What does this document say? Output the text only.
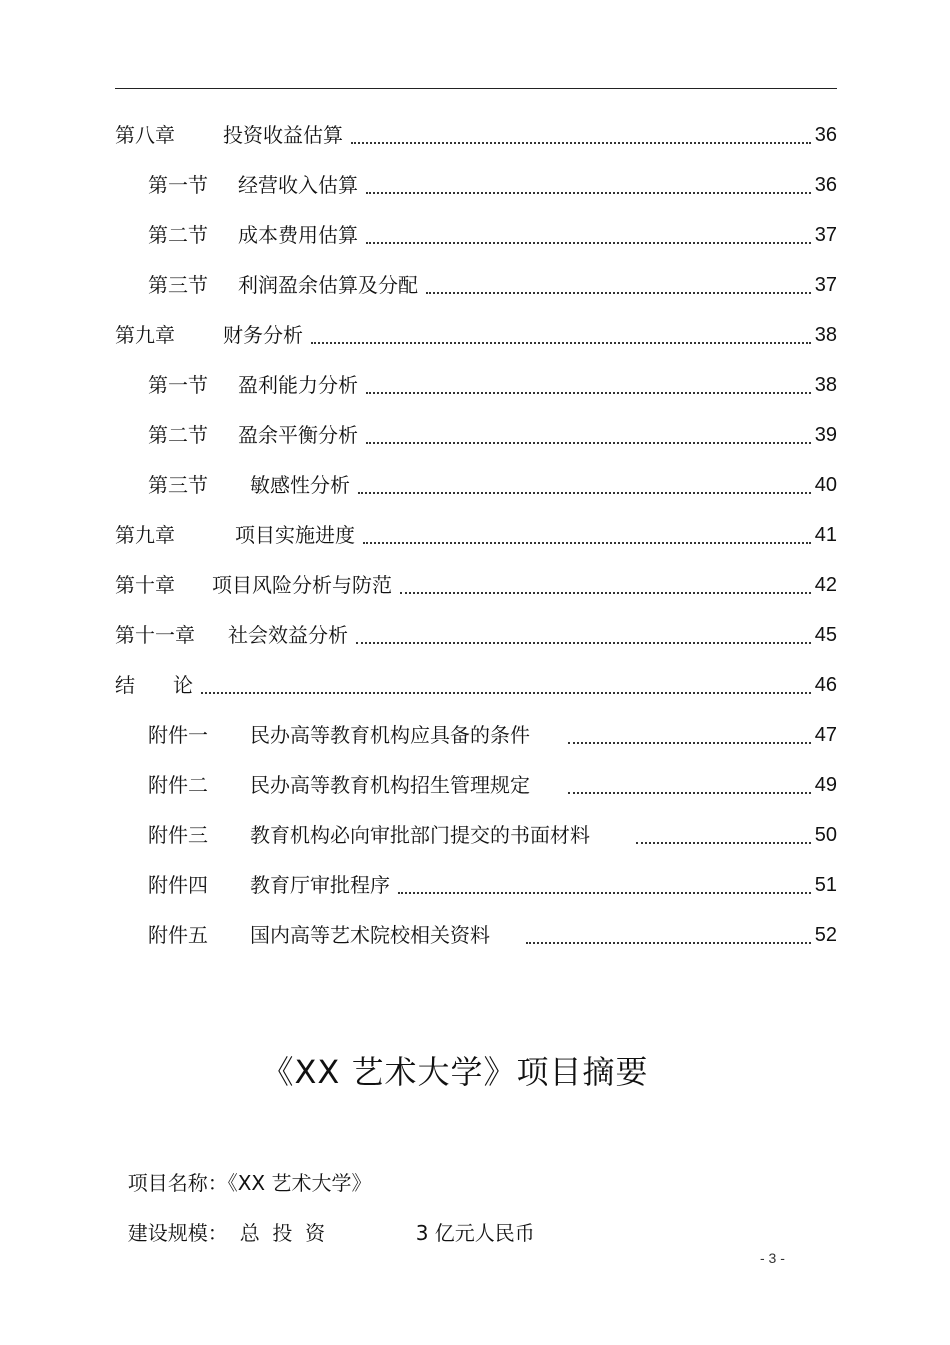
第八章	投资收益估算	36
第一节	经营收入估算	36
第二节	成本费用估算	37
第三节	利润盈余估算及分配	37
第九章	财务分析	38
第一节	盈利能力分析	38
第二节	盈余平衡分析	39
第三节	敏感性分析	40
第九章	项目实施进度	41
第十章	项目风险分析与防范	42
第十一章	社会效益分析	45
结	论	46
附件一	民办高等教育机构应具备的条件	47
附件二	民办高等教育机构招生管理规定	49
附件三	教育机构必向审批部门提交的书面材料	50
附件四	教育厅审批程序	51
附件五	国内高等艺术院校相关资料	52
《XX 艺术大学》项目摘要

项目名称：《XX 艺术大学》

建设规模： 总  投  资	3 亿元人民币

- 3 -
